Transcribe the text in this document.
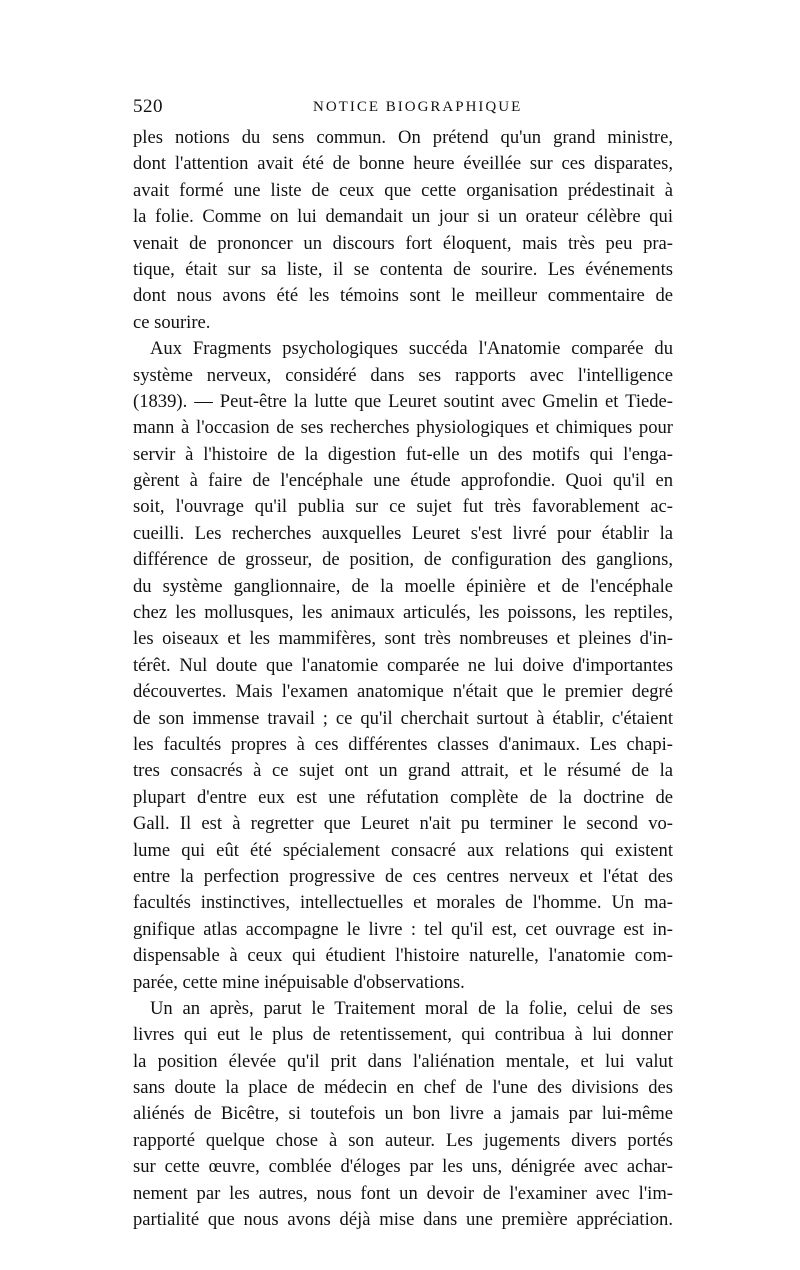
520	NOTICE BIOGRAPHIQUE
ples notions du sens commun. On prétend qu'un grand ministre,
dont l'attention avait été de bonne heure éveillée sur ces disparates,
avait formé une liste de ceux que cette organisation prédestinait à
la folie. Comme on lui demandait un jour si un orateur célèbre qui
venait de prononcer un discours fort éloquent, mais très peu pra-
tique, était sur sa liste, il se contenta de sourire. Les événements
dont nous avons été les témoins sont le meilleur commentaire de
ce sourire.
Aux Fragments psychologiques succéda l'Anatomie comparée du
système nerveux, considéré dans ses rapports avec l'intelligence
(1839). — Peut-être la lutte que Leuret soutint avec Gmelin et Tiede-
mann à l'occasion de ses recherches physiologiques et chimiques pour
servir à l'histoire de la digestion fut-elle un des motifs qui l'enga-
gèrent à faire de l'encéphale une étude approfondie. Quoi qu'il en
soit, l'ouvrage qu'il publia sur ce sujet fut très favorablement ac-
cueilli. Les recherches auxquelles Leuret s'est livré pour établir la
différence de grosseur, de position, de configuration des ganglions,
du système ganglionnaire, de la moelle épinière et de l'encéphale
chez les mollusques, les animaux articulés, les poissons, les reptiles,
les oiseaux et les mammifères, sont très nombreuses et pleines d'in-
térêt. Nul doute que l'anatomie comparée ne lui doive d'importantes
découvertes. Mais l'examen anatomique n'était que le premier degré
de son immense travail ; ce qu'il cherchait surtout à établir, c'étaient
les facultés propres à ces différentes classes d'animaux. Les chapi-
tres consacrés à ce sujet ont un grand attrait, et le résumé de la
plupart d'entre eux est une réfutation complète de la doctrine de
Gall. Il est à regretter que Leuret n'ait pu terminer le second vo-
lume qui eût été spécialement consacré aux relations qui existent
entre la perfection progressive de ces centres nerveux et l'état des
facultés instinctives, intellectuelles et morales de l'homme. Un ma-
gnifique atlas accompagne le livre : tel qu'il est, cet ouvrage est in-
dispensable à ceux qui étudient l'histoire naturelle, l'anatomie com-
parée, cette mine inépuisable d'observations.
Un an après, parut le Traitement moral de la folie, celui de ses
livres qui eut le plus de retentissement, qui contribua à lui donner
la position élevée qu'il prit dans l'aliénation mentale, et lui valut
sans doute la place de médecin en chef de l'une des divisions des
aliénés de Bicêtre, si toutefois un bon livre a jamais par lui-même
rapporté quelque chose à son auteur. Les jugements divers portés
sur cette œuvre, comblée d'éloges par les uns, dénigrée avec achar-
nement par les autres, nous font un devoir de l'examiner avec l'im-
partialité que nous avons déjà mise dans une première appréciation.
